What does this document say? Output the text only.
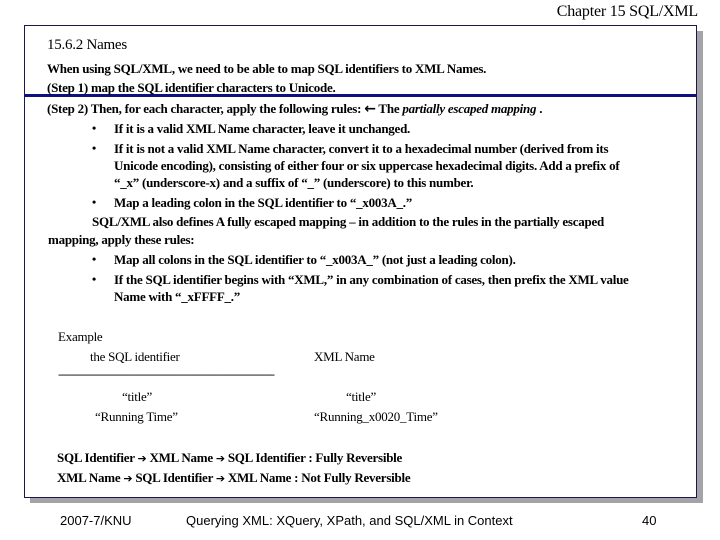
Chapter 15 SQL/XML
15.6.2 Names
When using SQL/XML, we need to be able to map SQL identifiers to XML Names.
(Step 1) map the SQL identifier characters to Unicode.
(Step 2) Then, for each character, apply the following rules: ← The partially escaped mapping .
• If it is a valid XML Name character, leave it unchanged.
• If it is not a valid XML Name character, convert it to a hexadecimal number (derived from its
Unicode encoding), consisting of either four or six uppercase hexadecimal digits. Add a prefix of
“_x” (underscore-x) and a suffix of “_” (underscore) to this number.
• Map a leading colon in the SQL identifier to “_x003A_.”
SQL/XML also defines A fully escaped mapping – in addition to the rules in the partially escaped
mapping, apply these rules:
• Map all colons in the SQL identifier to “_x003A_” (not just a leading colon).
• If the SQL identifier begins with “XML,” in any combination of cases, then prefix the XML value
Name with “_xFFFF_.”
Example
the SQL identifier	XML Name
--------------------------------------------------------------------------------
“title”	“title”
“Running Time”	“Running_x0020_Time”
SQL Identifier ➔ XML Name ➔ SQL Identifier : Fully Reversible
XML Name ➔ SQL Identifier ➔ XML Name : Not Fully Reversible
2007-7/KNU	Querying XML: XQuery, XPath, and SQL/XML in Context	40
